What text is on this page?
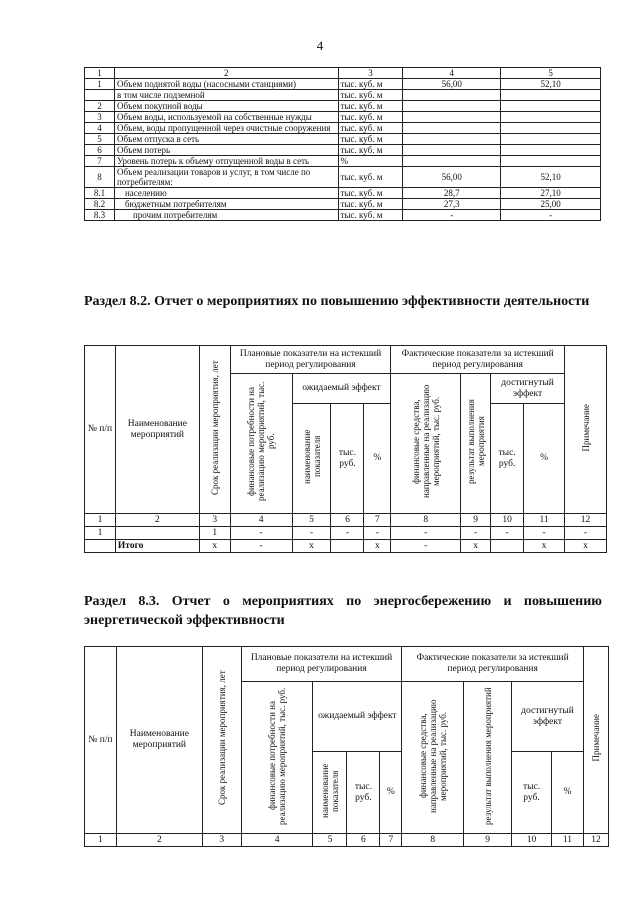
4
1	2	3	4	5
1	Объем поднятой воды (насосными станциями)	тыс. куб. м	56,00	52,10
	в том числе подземной	тыс. куб. м		
2	Объем покупной воды	тыс. куб. м		
3	Объем воды, используемой на собственные нужды	тыс. куб. м		
4	Объем, воды пропущенной через очистные сооружения	тыс. куб. м		
5	Объем отпуска в сеть	тыс. куб. м		
6	Объем потерь	тыс. куб. м		
7	Уровень потерь к объему отпущенной воды в сеть	%		
8	Объем реализации товаров и услуг, в том числе по потребителям:	тыс. куб. м	56,00	52,10
8.1	населению	тыс. куб. м	28,7	27,10
8.2	бюджетным потребителям	тыс. куб. м	27,3	25,00
8.3	прочим потребителям	тыс. куб. м	-	-
Раздел 8.2. Отчет о мероприятиях по повышению эффективности деятельности
№ п/п	Наименование мероприятий	Срок реализации мероприятия, лет	Плановые показатели на истекший период регулирования				Фактические показатели за истекший период регулирования				Примечание
			финансовые потребности на реализацию мероприятий, тыс. руб.	ожидаемый эффект			финансовые средства, направленные на реализацию мероприятий, тыс. руб.	результат выполнения мероприятия	достигнутый эффект		
				наименование показателя	тыс. руб.	%			тыс. руб.	%	
1	2	3	4	5	6	7	8	9	10	11	12
1		1	-	-	-	-	-	-	-	-	-
	Итого	х	-	х		х	-	х		х	х
Раздел 8.3. Отчет о мероприятиях по энергосбережению и повышению энергетической эффективности
№ п/п	Наименование мероприятий	Срок реализации мероприятия, лет	Плановые показатели на истекший период регулирования				Фактические показатели за истекший период регулирования				Примечание
			финансовые потребности на реализацию мероприятий, тыс. руб.	ожидаемый эффект			финансовые средства, направленные на реализацию мероприятий, тыс. руб.	результат выполнения мероприятий	достигнутый эффект		
				наименование показателя	тыс. руб.	%			тыс. руб.	%	
1	2	3	4	5	6	7	8	9	10	11	12
